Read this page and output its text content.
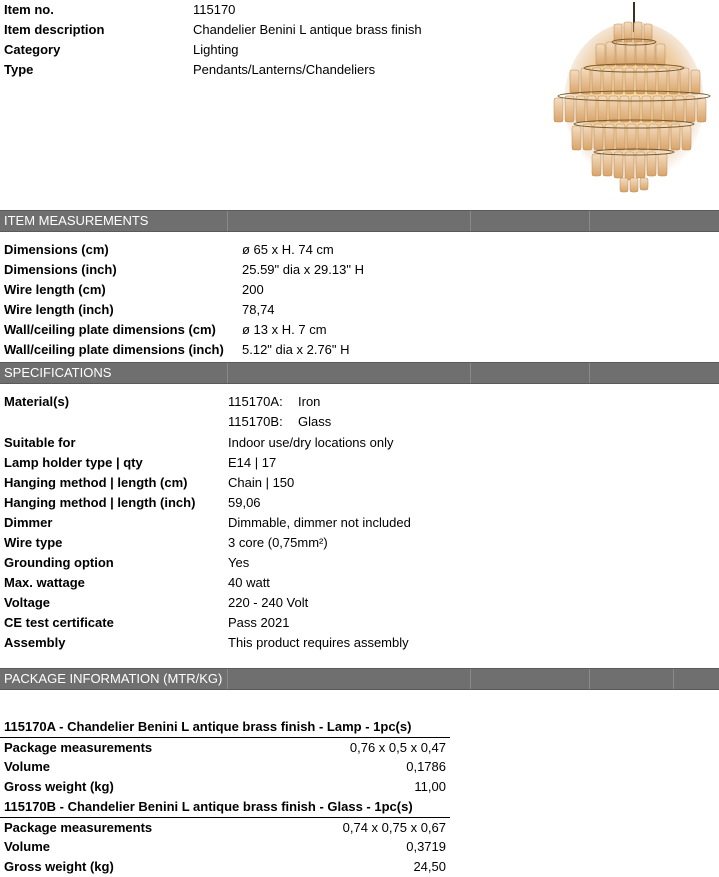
Item no.	115170
Item description	Chandelier Benini L antique brass finish
Category	Lighting
Type	Pendants/Lanterns/Chandeliers
ITEM MEASUREMENTS
Dimensions (cm)	ø 65 x H. 74 cm
Dimensions (inch)	25.59" dia x 29.13" H
Wire length (cm)	200
Wire length (inch)	78,74
Wall/ceiling plate dimensions (cm) ø 13 x H. 7 cm
Wall/ceiling plate dimensions (inch) 5.12" dia x 2.76" H
SPECIFICATIONS
Material(s)	115170A: Iron
115170B: Glass
Suitable for	Indoor use/dry locations only
Lamp holder type | qty	E14 | 17
Hanging method | length (cm)	Chain | 150
Hanging method | length (inch)	59,06
Dimmer	Dimmable, dimmer not included
Wire type	3 core (0,75mm²)
Grounding option	Yes
Max. wattage	40 watt
Voltage	220 - 240 Volt
CE test certificate	Pass 2021
Assembly	This product requires assembly
PACKAGE INFORMATION (MTR/KG)
115170A - Chandelier Benini L antique brass finish - Lamp - 1pc(s)
Package measurements	0,76 x 0,5 x 0,47
Volume	0,1786
Gross weight (kg)	11,00
115170B - Chandelier Benini L antique brass finish - Glass - 1pc(s)
Package measurements	0,74 x 0,75 x 0,67
Volume	0,3719
Gross weight (kg)	24,50
